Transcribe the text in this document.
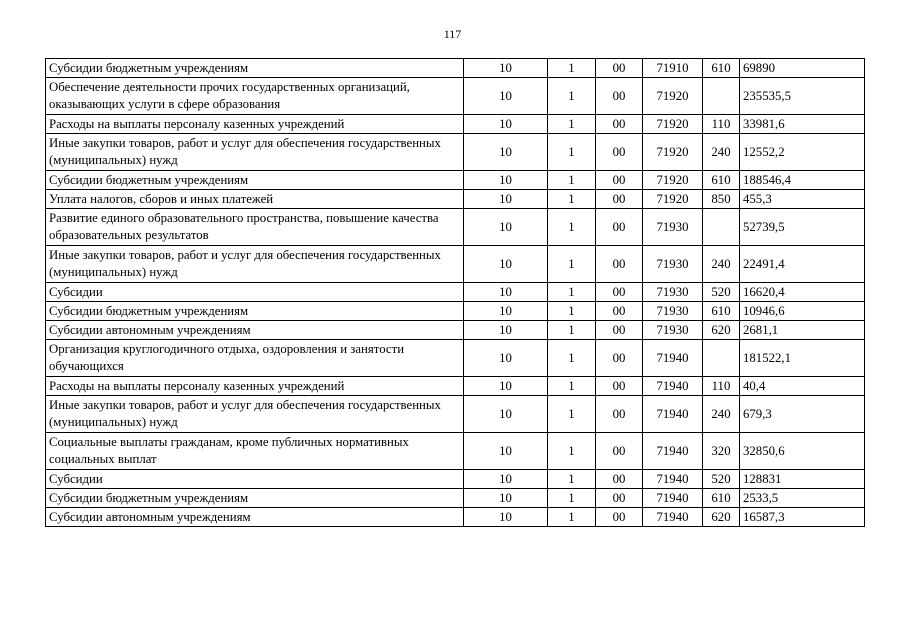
117
Субсидии бюджетным учреждениям	10	1	00	71910	610	69890
Обеспечение деятельности прочих государственных организаций, оказывающих услуги в сфере образования	10	1	00	71920		235535,5
Расходы на выплаты персоналу казенных учреждений	10	1	00	71920	110	33981,6
Иные закупки товаров, работ и услуг для обеспечения государственных (муниципальных) нужд	10	1	00	71920	240	12552,2
Субсидии бюджетным учреждениям	10	1	00	71920	610	188546,4
Уплата налогов, сборов и иных платежей	10	1	00	71920	850	455,3
Развитие единого образовательного пространства, повышение качества образовательных результатов	10	1	00	71930		52739,5
Иные закупки товаров, работ и услуг для обеспечения государственных (муниципальных) нужд	10	1	00	71930	240	22491,4
Субсидии	10	1	00	71930	520	16620,4
Субсидии бюджетным учреждениям	10	1	00	71930	610	10946,6
Субсидии автономным учреждениям	10	1	00	71930	620	2681,1
Организация круглогодичного отдыха, оздоровления и занятости обучающихся	10	1	00	71940		181522,1
Расходы на выплаты персоналу казенных учреждений	10	1	00	71940	110	40,4
Иные закупки товаров, работ и услуг для обеспечения государственных (муниципальных) нужд	10	1	00	71940	240	679,3
Социальные выплаты гражданам, кроме публичных нормативных социальных выплат	10	1	00	71940	320	32850,6
Субсидии	10	1	00	71940	520	128831
Субсидии бюджетным учреждениям	10	1	00	71940	610	2533,5
Субсидии автономным учреждениям	10	1	00	71940	620	16587,3
